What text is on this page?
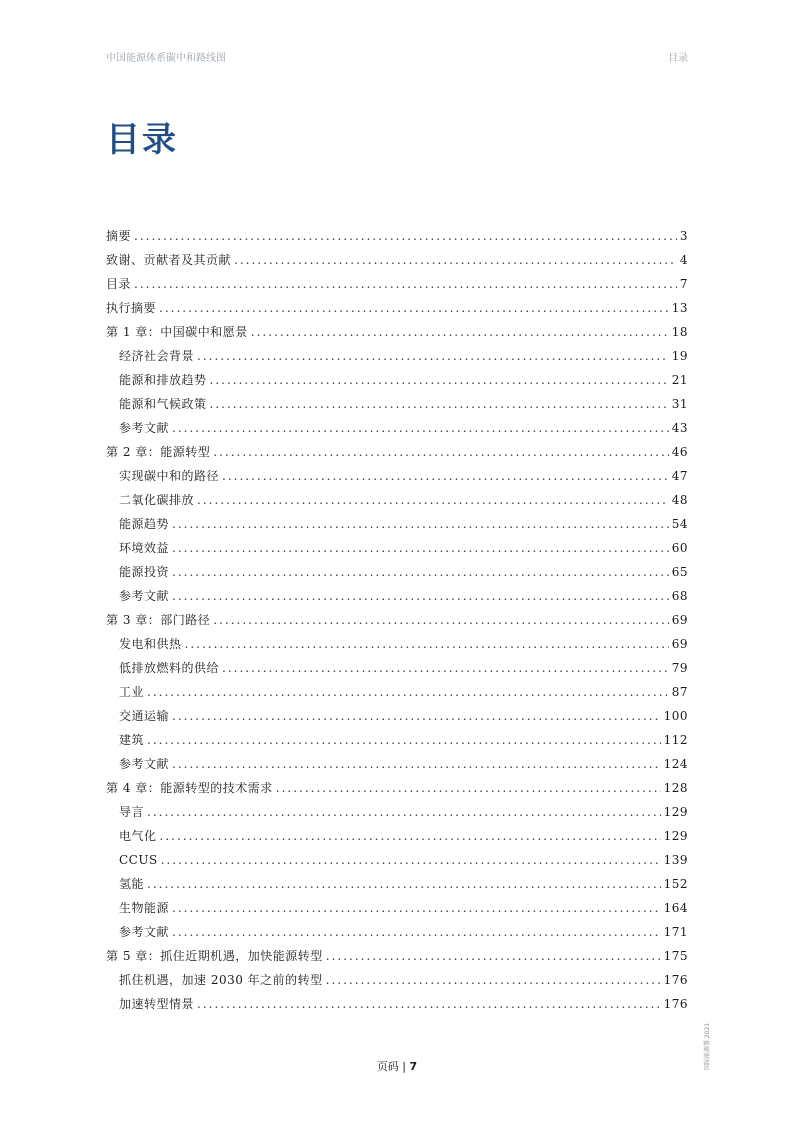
中国能源体系碳中和路线图	目录
目录
摘要 .....	3
致谢、贡献者及其贡献 .....	4
目录 .....	7
执行摘要 .....	13
第 1 章：中国碳中和愿景 .....	18
经济社会背景 .....	19
能源和排放趋势 .....	21
能源和气候政策 .....	31
参考文献 .....	43
第 2 章：能源转型 .....	46
实现碳中和的路径 .....	47
二氧化碳排放 .....	48
能源趋势 .....	54
环境效益 .....	60
能源投资 .....	65
参考文献 .....	68
第 3 章：部门路径 .....	69
发电和供热 .....	69
低排放燃料的供给 .....	79
工业 .....	87
交通运输 .....	100
建筑 .....	112
参考文献 .....	124
第 4 章：能源转型的技术需求 .....	128
导言 .....	129
电气化 .....	129
CCUS .....	139
氢能 .....	152
生物能源 .....	164
参考文献 .....	171
第 5 章：抓住近期机遇，加快能源转型 .....	175
抓住机遇，加速 2030 年之前的转型 .....	176
加速转型情景 .....	176
页码 | 7	国际能源署 2021
